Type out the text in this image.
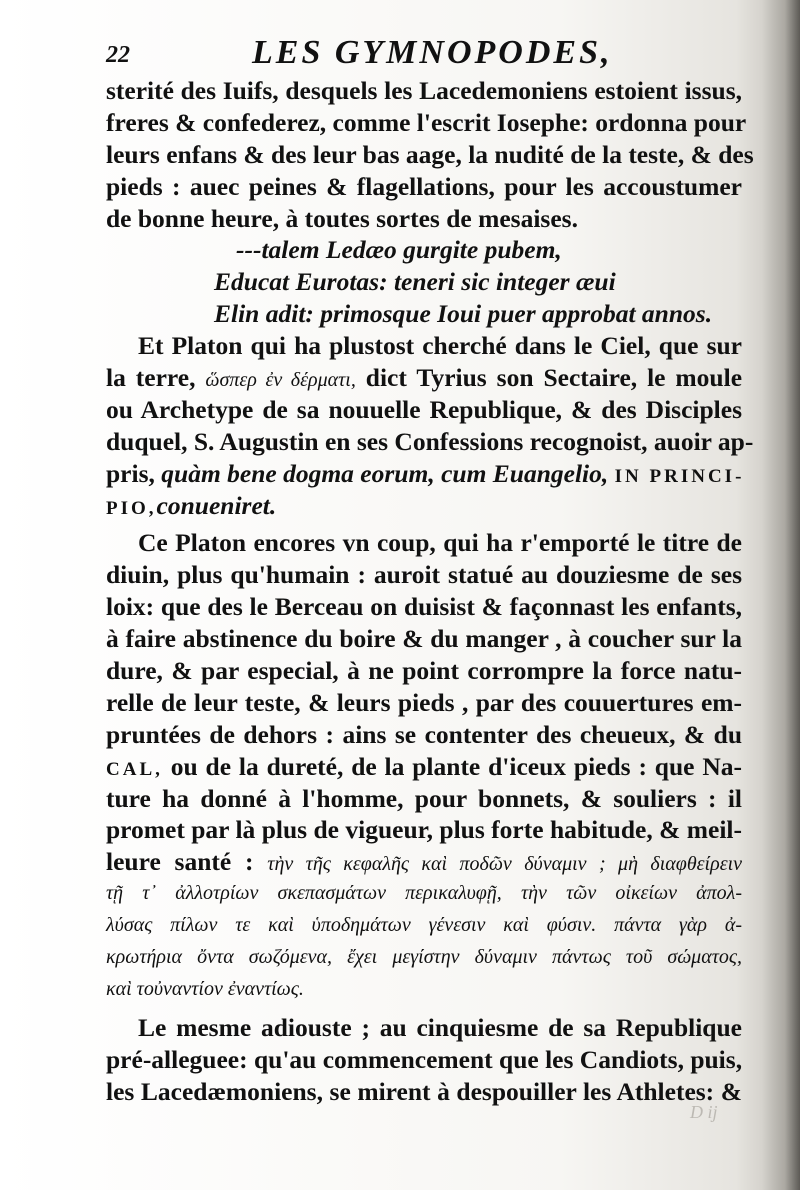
22	LES GYMNOPODES,
sterité des Iuifs, desquels les Lacedemoniens estoient issus,
freres & confederez, comme l'escrit Iosephe: ordonna pour
leurs enfans & des leur bas aage, la nudité de la teste, & des
pieds : auec peines & flagellations, pour les accoustumer
de bonne heure, à toutes sortes de mesaises.
---talem Ledæo gurgite pubem,
Educat Eurotas: teneri sic integer æui
Elin adit: primosque Ioui puer approbat annos.
Et Platon qui ha plustost cherché dans le Ciel, que sur
la terre, ὥσπερ ἐν δέρματι, dict Tyrius son Sectaire, le moule
ou Archetype de sa nouuelle Republique, & des Disciples
duquel, S. Augustin en ses Confessions recognoist, auoir ap-
pris, quàm bene dogma eorum, cum Euangelio, IN PRINCI-
PIO,conueniret.
Ce Platon encores vn coup, qui ha r'emporté le titre de
diuin, plus qu'humain : auroit statué au douziesme de ses
loix: que des le Berceau on duisist & façonnast les enfants,
à faire abstinence du boire & du manger , à coucher sur la
dure, & par especial, à ne point corrompre la force natu-
relle de leur teste, & leurs pieds , par des couuertures em-
pruntées de dehors : ains se contenter des cheueux, & du
CAL, ou de la dureté, de la plante d'iceux pieds : que Na-
ture ha donné à l'homme, pour bonnets, & souliers : il
promet par là plus de vigueur, plus forte habitude, & meil-
leure santé : τὴν τῆς κεφαλῆς καὶ ποδῶν δύναμιν ; μὴ διαφθείρειν
τῇ τ᾽ ἀλλοτρίων σκεπασμάτων περικαλυφῇ, τὴν τῶν οἰκείων ἀπολ-
λύσας πίλων τε καὶ ὑποδημάτων γένεσιν καὶ φύσιν. πάντα γὰρ ἀ-
κρωτήρια ὄντα σωζόμενα, ἔχει μεγίστην δύναμιν πάντως τοῦ σώματος,
καὶ τοὐναντίον ἐναντίως.
Le mesme adiouste ; au cinquiesme de sa Republique
pré-alleguee: qu'au commencement que les Candiots, puis,
les Lacedæmoniens, se mirent à despouiller les Athletes: &
D ij
